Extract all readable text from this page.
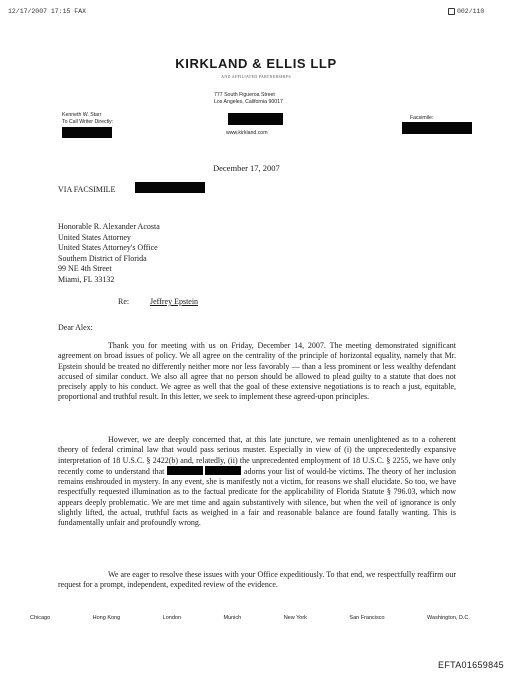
12/17/2007 17:15 FAX	002/110
KIRKLAND & ELLIS LLP
AND AFFILIATED PARTNERSHIPS
777 South Figueroa Street
Los Angeles, California 90017
Kenneth W. Starr
To Call Writer Directly:
www.kirkland.com
Facsimile:
December 17, 2007
VIA FACSIMILE
Honorable R. Alexander Acosta
United States Attorney
United States Attorney's Office
Southern District of Florida
99 NE 4th Street
Miami, FL 33132
Re:	Jeffrey Epstein
Dear Alex:
Thank you for meeting with us on Friday, December 14, 2007. The meeting demonstrated significant agreement on broad issues of policy. We all agree on the centrality of the principle of horizontal equality, namely that Mr. Epstein should be treated no differently neither more nor less favorably — than a less prominent or less wealthy defendant accused of similar conduct. We also all agree that no person should be allowed to plead guilty to a statute that does not precisely apply to his conduct. We agree as well that the goal of these extensive negotiations is to reach a just, equitable, proportional and truthful result. In this letter, we seek to implement these agreed-upon principles.
However, we are deeply concerned that, at this late juncture, we remain unenlightened as to a coherent theory of federal criminal law that would pass serious muster. Especially in view of (i) the unprecedentedly expansive interpretation of 18 U.S.C. § 2422(b) and, relatedly, (ii) the unprecedented employment of 18 U.S.C. § 2255, we have only recently come to understand that	adorns your list of would-be victims. The theory of her inclusion remains enshrouded in mystery. In any event, she is manifestly not a victim, for reasons we shall elucidate. So too, we have respectfully requested illumination as to the factual predicate for the applicability of Florida Statute § 796.03, which now appears deeply problematic. We are met time and again substantively with silence, but when the veil of ignorance is only slightly lifted, the actual, truthful facts as weighed in a fair and reasonable balance are found fatally wanting. This is fundamentally unfair and profoundly wrong.
We are eager to resolve these issues with your Office expeditiously. To that end, we respectfully reaffirm our request for a prompt, independent, expedited review of the evidence.
Chicago	Hong Kong	London	Munich	New York	San Francisco	Washington, D.C.
EFTA01659845
